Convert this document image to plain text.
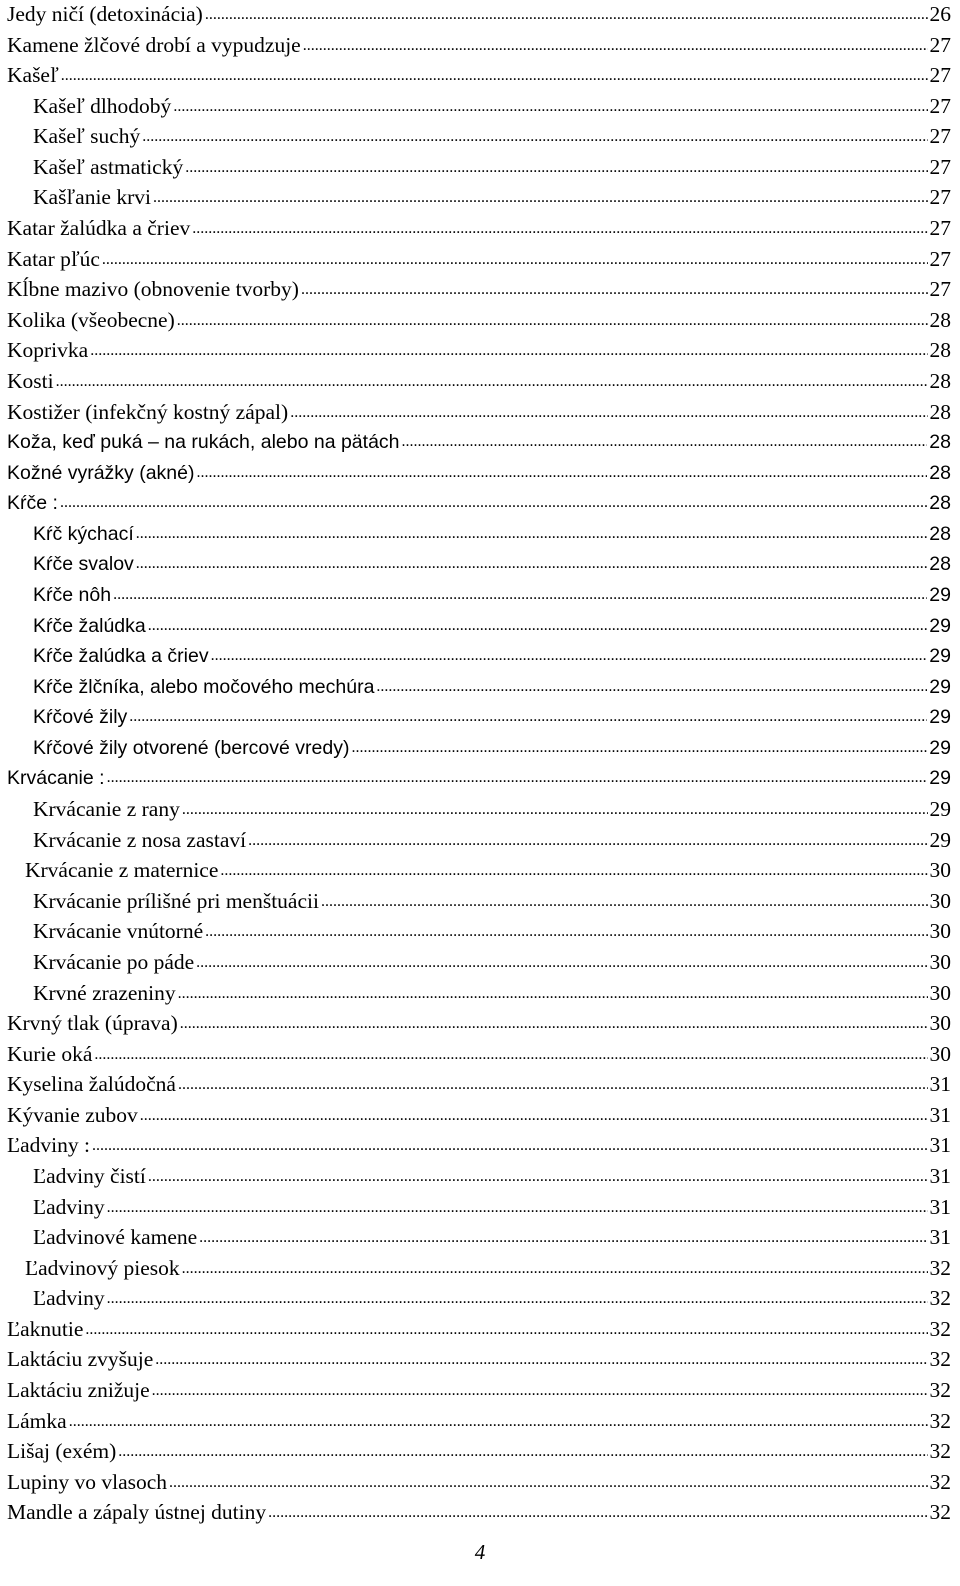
Jedy ničí (detoxinácia) .....	26
Kamene žlčové drobí a vypudzuje .....	27
Kašeľ .....	27
Kašeľ dlhodobý .....	27
Kašeľ suchý .....	27
Kašeľ astmatický .....	27
Kašľanie krvi .....	27
Katar žalúdka a čriev .....	27
Katar pľúc .....	27
Kĺbne mazivo (obnovenie tvorby) .....	27
Kolika (všeobecne) .....	28
Koprivka .....	28
Kosti .....	28
Kostižer (infekčný kostný zápal) .....	28
Koža, keď puká – na rukách, alebo na pätách .....	28
Kožné vyrážky (akné) .....	28
Kŕče : .....	28
Kŕč kýchací .....	28
Kŕče svalov .....	28
Kŕče nôh .....	29
Kŕče žalúdka .....	29
Kŕče žalúdka a čriev .....	29
Kŕče žlčníka, alebo močového mechúra .....	29
Kŕčové žily .....	29
Kŕčové žily otvorené (bercové vredy) .....	29
Krvácanie : .....	29
Krvácanie z rany .....	29
Krvácanie z nosa zastaví .....	29
Krvácanie z maternice .....	30
Krvácanie prílišné pri menštuácii .....	30
Krvácanie vnútorné .....	30
Krvácanie po páde .....	30
Krvné zrazeniny .....	30
Krvný tlak (úprava) .....	30
Kurie oká .....	30
Kyselina žalúdočná .....	31
Kývanie zubov .....	31
Ľadviny : .....	31
Ľadviny čistí .....	31
Ľadviny .....	31
Ľadvinové kamene .....	31
Ľadvinový piesok .....	32
Ľadviny .....	32
Ľaknutie .....	32
Laktáciu zvyšuje .....	32
Laktáciu znižuje .....	32
Lámka .....	32
Lišaj (exém) .....	32
Lupiny vo vlasoch .....	32
Mandle a zápaly ústnej dutiny .....	32
4
